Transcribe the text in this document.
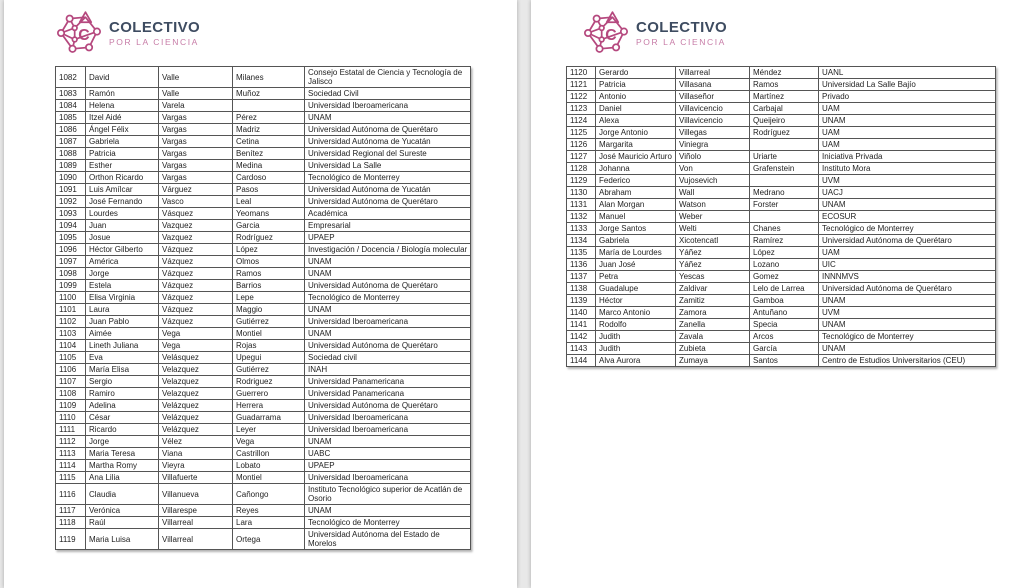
C
COLECTIVO
POR LA CIENCIA
1082	David	Valle	Milanes	Consejo Estatal de Ciencia y Tecnología de Jalisco
1083	Ramón	Valle	Muñoz	Sociedad Civil
1084	Helena	Varela		Universidad Iberoamericana
1085	Itzel Aidé	Vargas	Pérez	UNAM
1086	Ángel Félix	Vargas	Madriz	Universidad Autónoma de Querétaro
1087	Gabriela	Vargas	Cetina	Universidad Autónoma de Yucatán
1088	Patricia	Vargas	Benítez	Universidad Regional del Sureste
1089	Esther	Vargas	Medina	Universidad La Salle
1090	Orthon Ricardo	Vargas	Cardoso	Tecnológico de Monterrey
1091	Luis Amílcar	Várguez	Pasos	Universidad Autónoma de Yucatán
1092	José Fernando	Vasco	Leal	Universidad Autónoma de Querétaro
1093	Lourdes	Vásquez	Yeomans	Académica
1094	Juan	Vazquez	Garcia	Empresarial
1095	Josue	Vazquez	Rodríguez	UPAEP
1096	Héctor Gilberto	Vázquez	López	Investigación / Docencia / Biología molecular
1097	América	Vázquez	Olmos	UNAM
1098	Jorge	Vázquez	Ramos	UNAM
1099	Estela	Vázquez	Barrios	Universidad Autónoma de Querétaro
1100	Elisa Virginia	Vázquez	Lepe	Tecnológico de Monterrey
1101	Laura	Vázquez	Maggio	UNAM
1102	Juan Pablo	Vázquez	Gutiérrez	Universidad Iberoamericana
1103	Aimée	Vega	Montiel	UNAM
1104	Lineth Juliana	Vega	Rojas	Universidad Autónoma de Querétaro
1105	Eva	Velásquez	Upegui	Sociedad civil
1106	María Elisa	Velazquez	Gutiérrez	INAH
1107	Sergio	Velazquez	Rodriguez	Universidad Panamericana
1108	Ramiro	Velazquez	Guerrero	Universidad Panamericana
1109	Adelina	Velázquez	Herrera	Universidad Autónoma de Querétaro
1110	César	Velázquez	Guadarrama	Universidad Iberoamericana
1111	Ricardo	Velázquez	Leyer	Universidad Iberoamericana
1112	Jorge	Vélez	Vega	UNAM
1113	Maria Teresa	Viana	Castrillon	UABC
1114	Martha Romy	Vieyra	Lobato	UPAEP
1115	Ana Lilia	Villafuerte	Montiel	Universidad Iberoamericana
1116	Claudia	Villanueva	Cañongo	Instituto Tecnológico superior de Acatlán de Osorio
1117	Verónica	Villarespe	Reyes	UNAM
1118	Raúl	Villarreal	Lara	Tecnológico de Monterrey
1119	Maria Luisa	Villarreal	Ortega	Universidad Autónoma del Estado de Morelos
C
COLECTIVO
POR LA CIENCIA
1120	Gerardo	Villarreal	Méndez	UANL
1121	Patricia	Villasana	Ramos	Universidad La Salle Bajío
1122	Antonio	Villaseñor	Martínez	Privado
1123	Daniel	Villavicencio	Carbajal	UAM
1124	Alexa	Villavicencio	Queijeiro	UNAM
1125	Jorge Antonio	Villegas	Rodríguez	UAM
1126	Margarita	Viniegra		UAM
1127	José Mauricio Arturo	Viñolo	Uriarte	Iniciativa Privada
1128	Johanna	Von	Grafenstein	Instituto Mora
1129	Federico	Vujosevich		UVM
1130	Abraham	Wall	Medrano	UACJ
1131	Alan Morgan	Watson	Forster	UNAM
1132	Manuel	Weber		ECOSUR
1133	Jorge Santos	Welti	Chanes	Tecnológico de Monterrey
1134	Gabriela	Xicotencatl	Ramírez	Universidad Autónoma de Querétaro
1135	María de Lourdes	Yáñez	López	UAM
1136	Juan José	Yáñez	Lozano	UIC
1137	Petra	Yescas	Gomez	INNNMVS
1138	Guadalupe	Zaldivar	Lelo de Larrea	Universidad Autónoma de Querétaro
1139	Héctor	Zamitiz	Gamboa	UNAM
1140	Marco Antonio	Zamora	Antuñano	UVM
1141	Rodolfo	Zanella	Specia	UNAM
1142	Judith	Zavala	Arcos	Tecnológico de Monterrey
1143	Judith	Zubieta	García	UNAM
1144	Alva Aurora	Zumaya	Santos	Centro de Estudios Universitarios (CEU)
